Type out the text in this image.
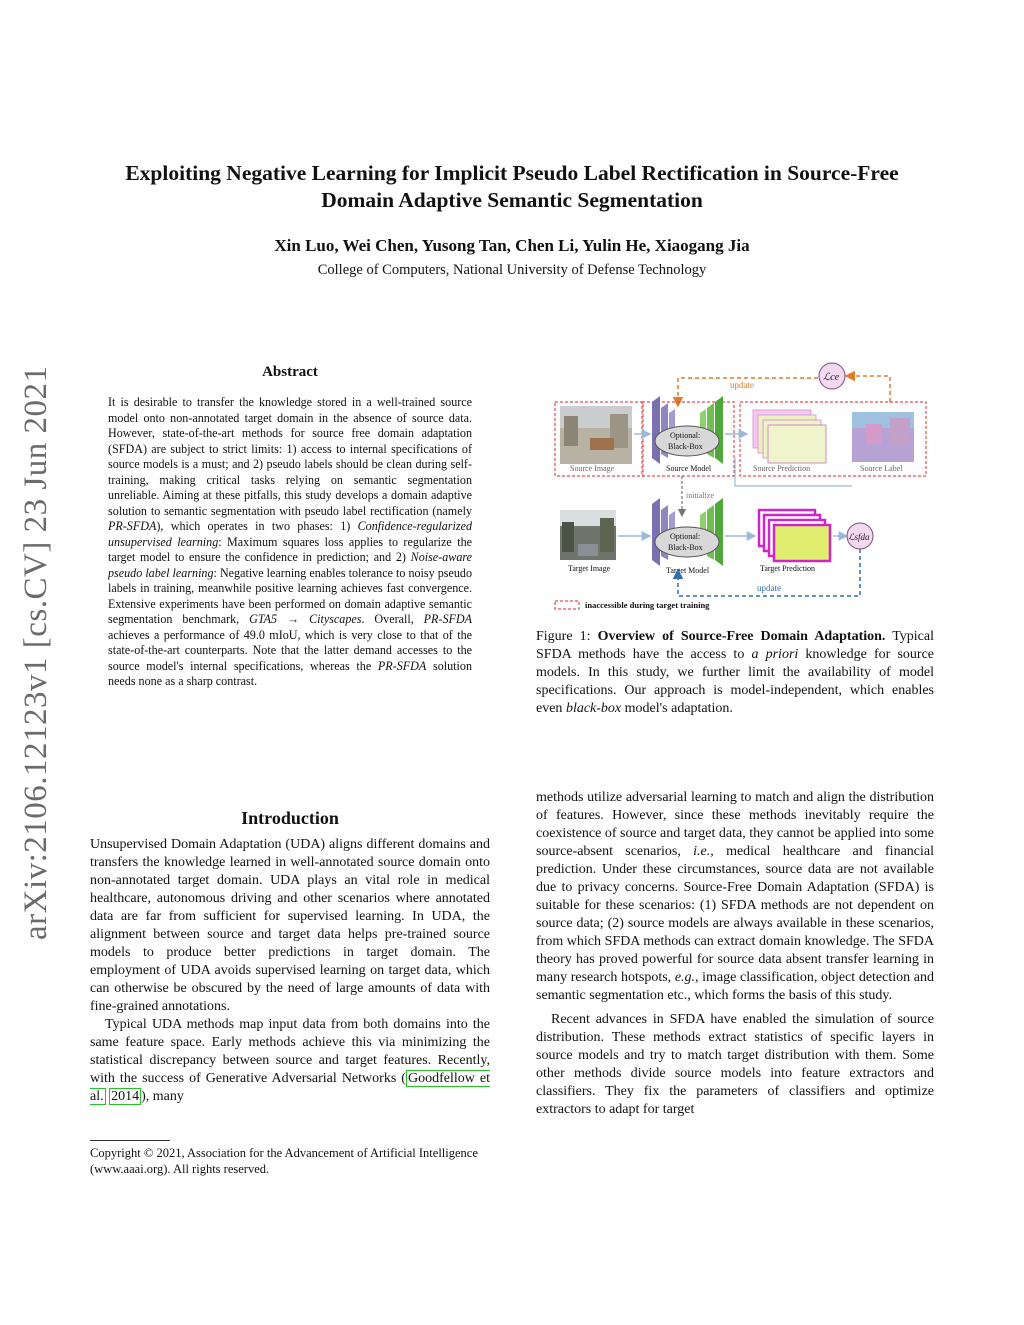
Exploiting Negative Learning for Implicit Pseudo Label Rectification in Source-Free Domain Adaptive Semantic Segmentation
Xin Luo, Wei Chen, Yusong Tan, Chen Li, Yulin He, Xiaogang Jia
College of Computers, National University of Defense Technology
arXiv:2106.12123v1 [cs.CV] 23 Jun 2021	Abstract
It is desirable to transfer the knowledge stored in a well-trained source model onto non-annotated target domain in the absence of source data. However, state-of-the-art methods for source free domain adaptation (SFDA) are subject to strict limits: 1) access to internal specifications of source models is a must; and 2) pseudo labels should be clean during self-training, making critical tasks relying on semantic segmentation unreliable. Aiming at these pitfalls, this study develops a domain adaptive solution to semantic segmentation with pseudo label rectification (namely PR-SFDA), which operates in two phases: 1) Confidence-regularized unsupervised learning: Maximum squares loss applies to regularize the target model to ensure the confidence in prediction; and 2) Noise-aware pseudo label learning: Negative learning enables tolerance to noisy pseudo labels in training, meanwhile positive learning achieves fast convergence. Extensive experiments have been performed on domain adaptive semantic segmentation benchmark, GTA5 → Cityscapes. Overall, PR-SFDA achieves a performance of 49.0 mIoU, which is very close to that of the state-of-the-art counterparts. Note that the latter demand accesses to the source model's internal specifications, whereas the PR-SFDA solution needs none as a sharp contrast.
Introduction

Unsupervised Domain Adaptation (UDA) aligns different domains and transfers the knowledge learned in well-annotated source domain onto non-annotated target domain. UDA plays an vital role in medical healthcare, autonomous driving and other scenarios where annotated data are far from sufficient for supervised learning. In UDA, the alignment between source and target data helps pre-trained source models to produce better predictions in target domain. The employment of UDA avoids supervised learning on target data, which can otherwise be obscured by the need of large amounts of data with fine-grained annotations.

Typical UDA methods map input data from both domains into the same feature space. Early methods achieve this via minimizing the statistical discrepancy between source and target features. Recently, with the success of Generative Adversarial Networks ( Goodfellow et al. 2014 ), many

Copyright © 2021, Association for the Advancement of Artificial Intelligence (www.aaai.org). All rights reserved.
update
ℒce
Source Image
Optional:
Black-Box
Source Model	Source Prediction	Source Label
initialize
Target Image
Optional:
Black-Box
Target Model	Target Prediction
ℒsfda
update
inaccessible during target training
Figure 1: Overview of Source-Free Domain Adaptation. Typical SFDA methods have the access to a priori knowledge for source models. In this study, we further limit the availability of model specifications. Our approach is model-independent, which enables even black-box model's adaptation.

methods utilize adversarial learning to match and align the distribution of features. However, since these methods inevitably require the coexistence of source and target data, they cannot be applied into some source-absent scenarios, i.e., medical healthcare and financial prediction. Under these circumstances, source data are not available due to privacy concerns. Source-Free Domain Adaptation (SFDA) is suitable for these scenarios: (1) SFDA methods are not dependent on source data; (2) source models are always available in these scenarios, from which SFDA methods can extract domain knowledge. The SFDA theory has proved powerful for source data absent transfer learning in many research hotspots, e.g., image classification, object detection and semantic segmentation etc., which forms the basis of this study.

Recent advances in SFDA have enabled the simulation of source distribution. These methods extract statistics of specific layers in source models and try to match target distribution with them. Some other methods divide source models into feature extractors and classifiers. They fix the parameters of classifiers and optimize extractors to adapt for target
